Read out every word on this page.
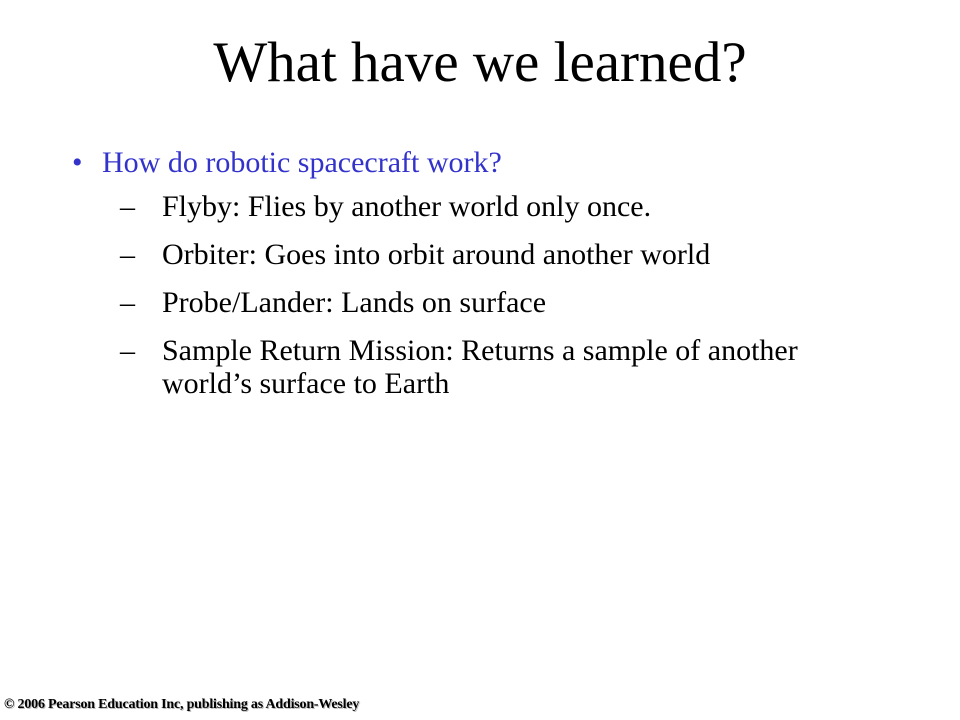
What have we learned?
• How do robotic spacecraft work?
– Flyby: Flies by another world only once.
– Orbiter: Goes into orbit around another world
– Probe/Lander: Lands on surface
– Sample Return Mission: Returns a sample of another world’s surface to Earth
© 2006 Pearson Education Inc, publishing as Addison-Wesley
